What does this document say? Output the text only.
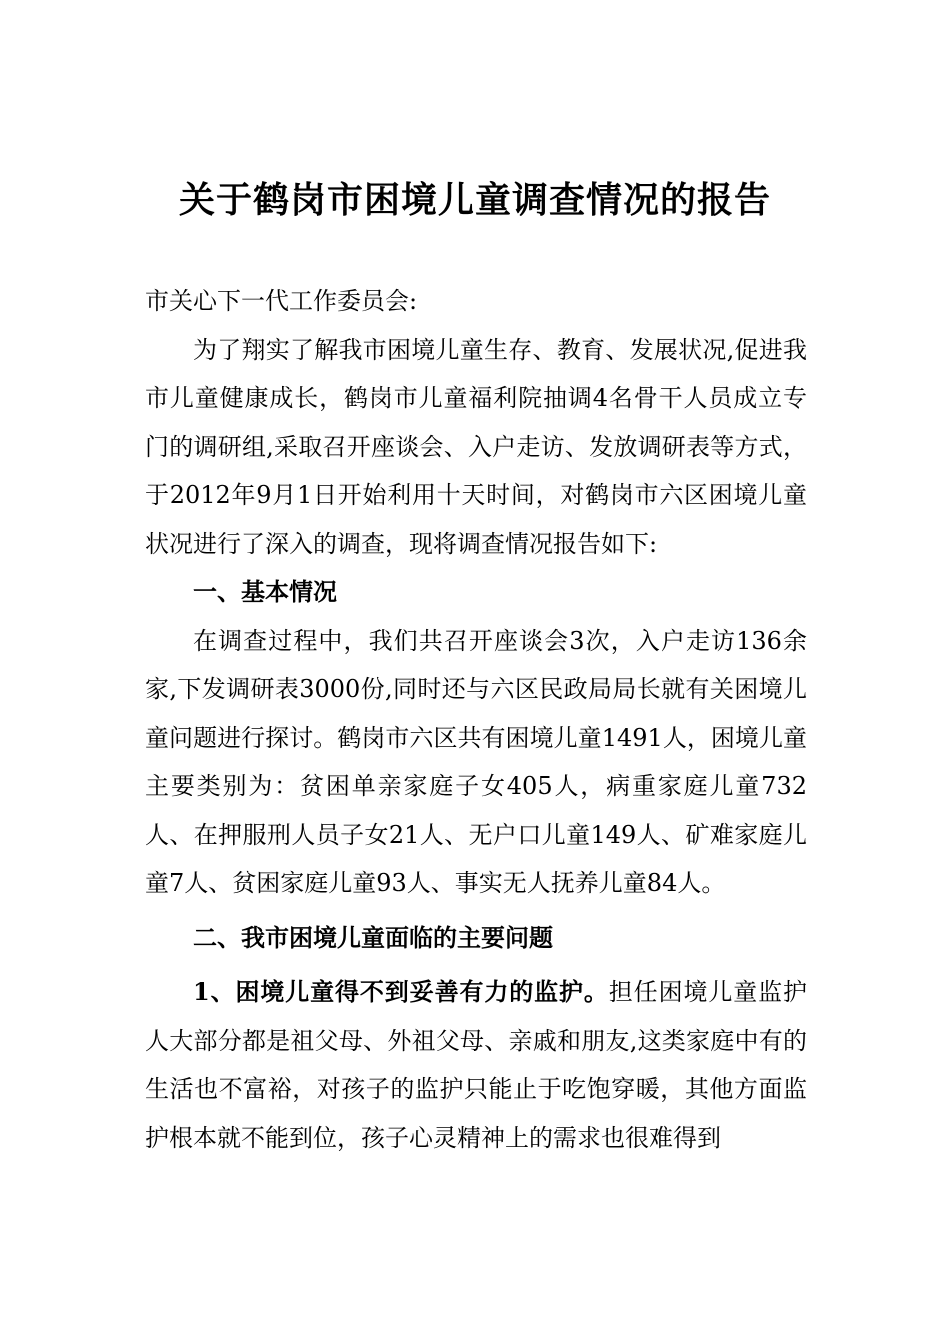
关于鹤岗市困境儿童调查情况的报告

市关心下一代工作委员会:

为了翔实了解我市困境儿童生存、教育、发展状况,促进我市儿童健康成长，鹤岗市儿童福利院抽调4名骨干人员成立专门的调研组,采取召开座谈会、入户走访、发放调研表等方式，于2012年9月1日开始利用十天时间，对鹤岗市六区困境儿童状况进行了深入的调查，现将调查情况报告如下:

一、基本情况

在调查过程中，我们共召开座谈会3次，入户走访136余家,下发调研表3000份,同时还与六区民政局局长就有关困境儿童问题进行探讨。鹤岗市六区共有困境儿童1491人，困境儿童主要类别为：贫困单亲家庭子女405人，病重家庭儿童732人、在押服刑人员子女21人、无户口儿童149人、矿难家庭儿童7人、贫困家庭儿童93人、事实无人抚养儿童84人。

二、我市困境儿童面临的主要问题

1、困境儿童得不到妥善有力的监护。担任困境儿童监护人大部分都是祖父母、外祖父母、亲戚和朋友,这类家庭中有的生活也不富裕，对孩子的监护只能止于吃饱穿暖，其他方面监护根本就不能到位，孩子心灵精神上的需求也很难得到
